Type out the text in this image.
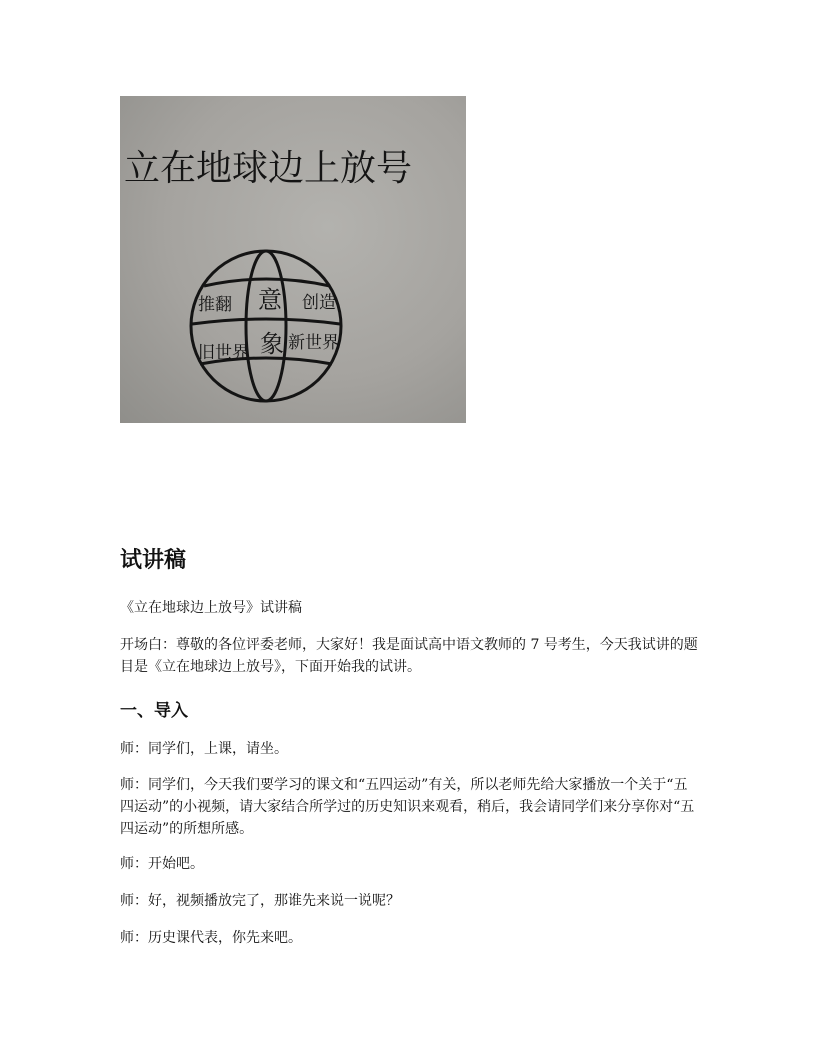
立在地球边上放号
推翻 意 创造
旧世界 象 新世界
试讲稿

《立在地球边上放号》试讲稿

开场白：尊敬的各位评委老师，大家好！我是面试高中语文教师的 7 号考生，今天我试讲的题目是《立在地球边上放号》，下面开始我的试讲。

一、导入

师：同学们，上课，请坐。

师：同学们，今天我们要学习的课文和“五四运动”有关，所以老师先给大家播放一个关于“五四运动”的小视频，请大家结合所学过的历史知识来观看，稍后，我会请同学们来分享你对“五四运动”的所想所感。

师：开始吧。

师：好，视频播放完了，那谁先来说一说呢？

师：历史课代表，你先来吧。
